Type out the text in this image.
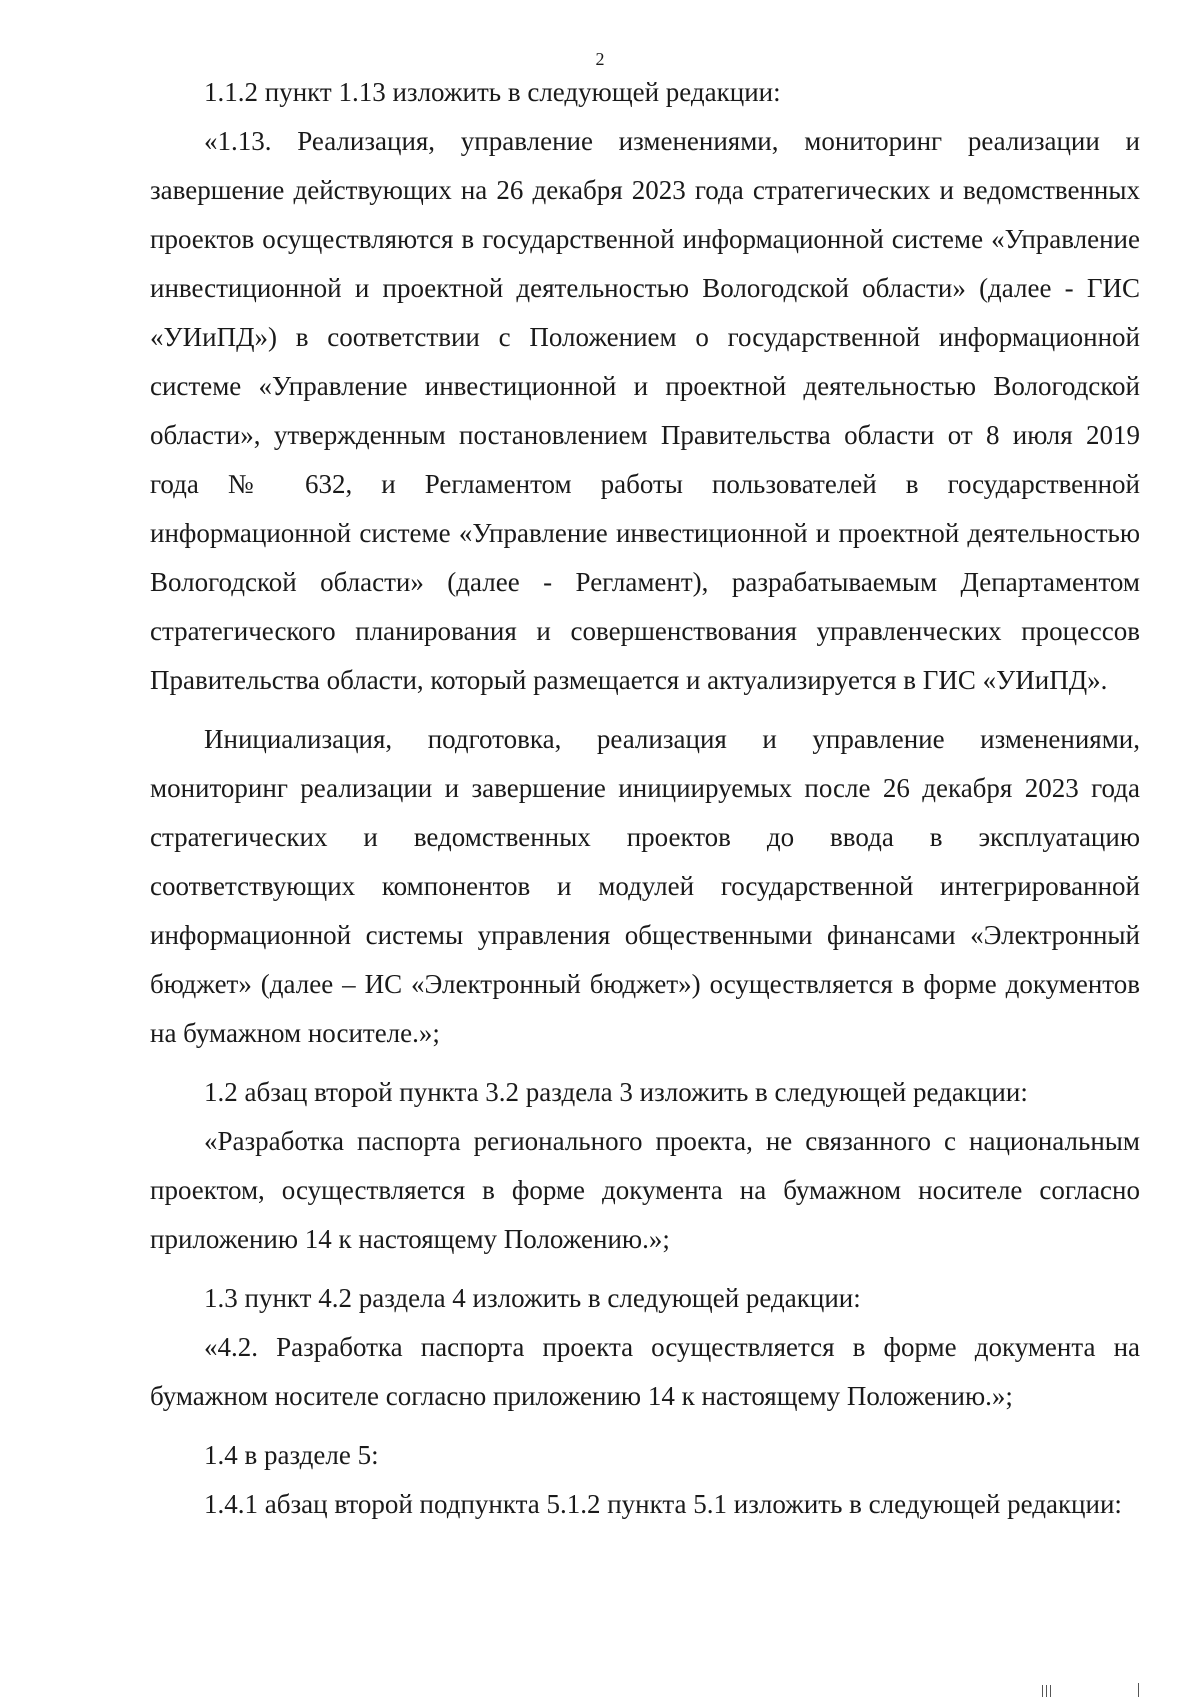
2

1.1.2 пункт 1.13 изложить в следующей редакции:

«1.13. Реализация, управление изменениями, мониторинг реализации и завершение действующих на 26 декабря 2023 года стратегических и ведомственных проектов осуществляются в государственной информационной системе «Управление инвестиционной и проектной деятельностью Вологодской области» (далее - ГИС «УИиПД») в соответствии с Положением о государственной информационной системе «Управление инвестиционной и проектной деятельностью Вологодской области», утвержденным постановлением Правительства области от 8 июля 2019 года № 632, и Регламентом работы пользователей в государственной информационной системе «Управление инвестиционной и проектной деятельностью Вологодской области» (далее - Регламент), разрабатываемым Департаментом стратегического планирования и совершенствования управленческих процессов Правительства области, который размещается и актуализируется в ГИС «УИиПД».

Инициализация, подготовка, реализация и управление изменениями, мониторинг реализации и завершение инициируемых после 26 декабря 2023 года стратегических и ведомственных проектов до ввода в эксплуатацию соответствующих компонентов и модулей государственной интегрированной информационной системы управления общественными финансами «Электронный бюджет» (далее – ИС «Электронный бюджет») осуществляется в форме документов на бумажном носителе.»;

1.2 абзац второй пункта 3.2 раздела 3 изложить в следующей редакции:

«Разработка паспорта регионального проекта, не связанного с национальным проектом, осуществляется в форме документа на бумажном носителе согласно приложению 14 к настоящему Положению.»;

1.3 пункт 4.2 раздела 4 изложить в следующей редакции:

«4.2. Разработка паспорта проекта осуществляется в форме документа на бумажном носителе согласно приложению 14 к настоящему Положению.»;

1.4 в разделе 5:

1.4.1 абзац второй подпункта 5.1.2 пункта 5.1 изложить в следующей редакции:
